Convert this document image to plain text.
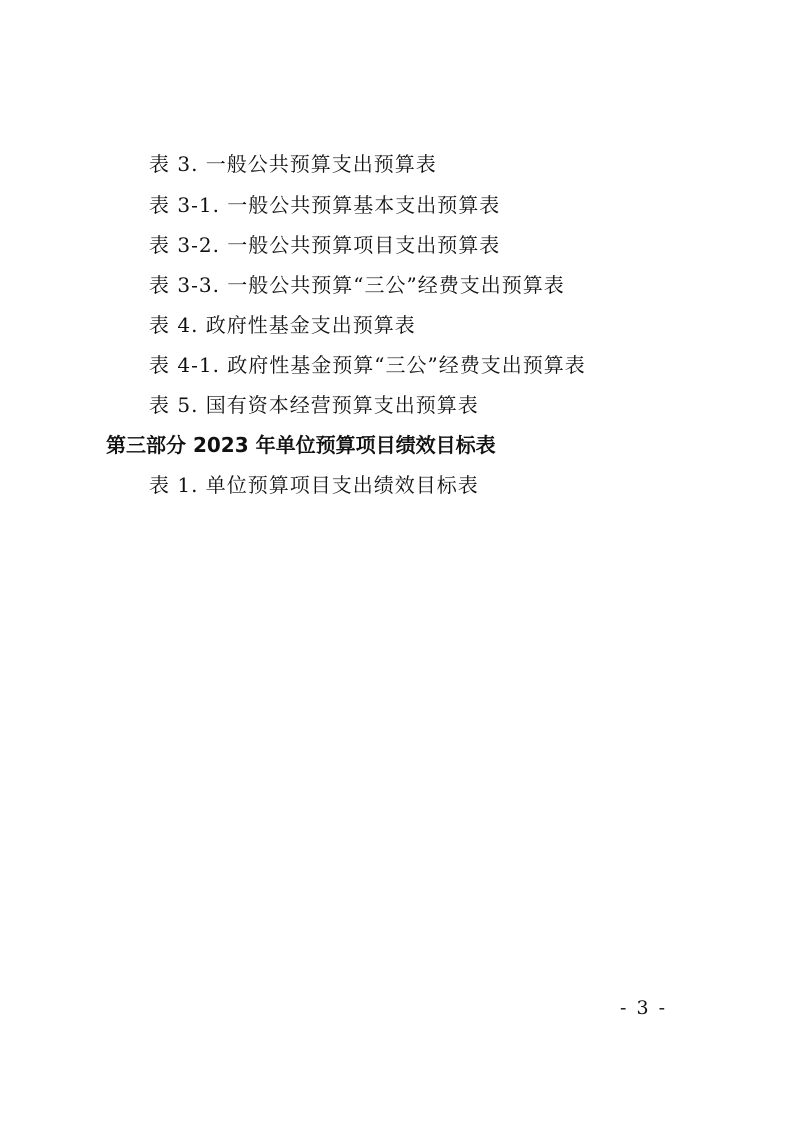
表 3. 一般公共预算支出预算表
表 3-1. 一般公共预算基本支出预算表
表 3-2. 一般公共预算项目支出预算表
表 3-3. 一般公共预算“三公”经费支出预算表
表 4. 政府性基金支出预算表
表 4-1. 政府性基金预算“三公”经费支出预算表
表 5. 国有资本经营预算支出预算表
第三部分 2023 年单位预算项目绩效目标表
表 1. 单位预算项目支出绩效目标表
- 3 -
